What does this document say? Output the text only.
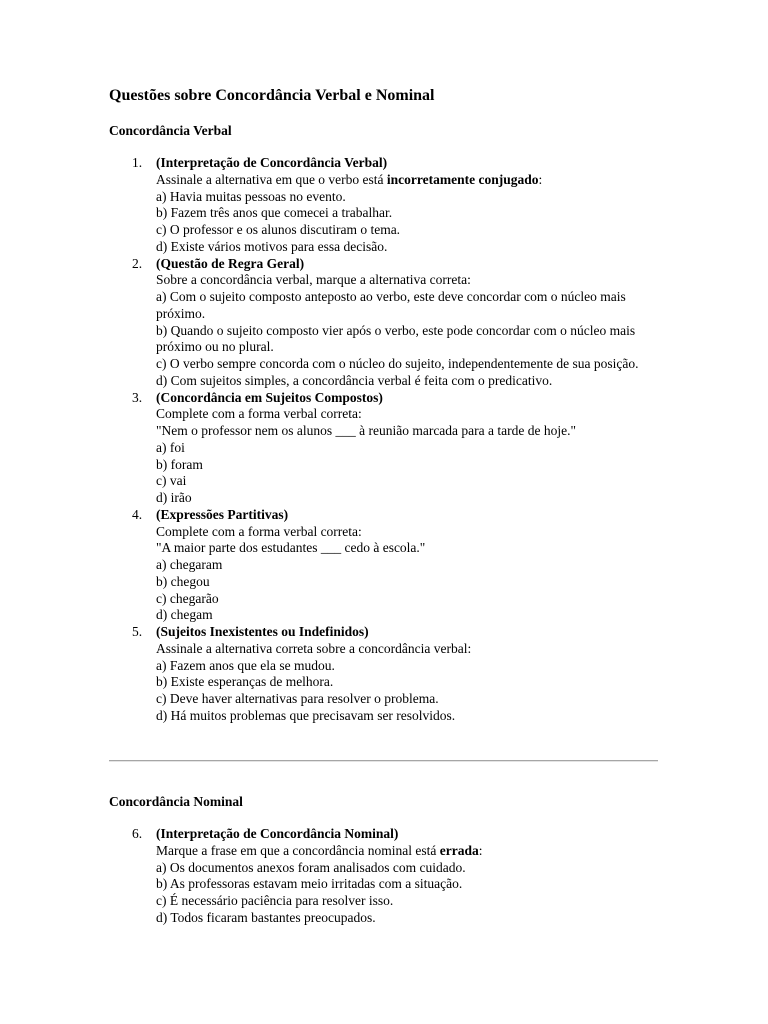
Questões sobre Concordância Verbal e Nominal
Concordância Verbal
1. (Interpretação de Concordância Verbal)
Assinale a alternativa em que o verbo está incorretamente conjugado:
a) Havia muitas pessoas no evento.
b) Fazem três anos que comecei a trabalhar.
c) O professor e os alunos discutiram o tema.
d) Existe vários motivos para essa decisão.
2. (Questão de Regra Geral)
Sobre a concordância verbal, marque a alternativa correta:
a) Com o sujeito composto anteposto ao verbo, este deve concordar com o núcleo mais próximo.
b) Quando o sujeito composto vier após o verbo, este pode concordar com o núcleo mais próximo ou no plural.
c) O verbo sempre concorda com o núcleo do sujeito, independentemente de sua posição.
d) Com sujeitos simples, a concordância verbal é feita com o predicativo.
3. (Concordância em Sujeitos Compostos)
Complete com a forma verbal correta:
"Nem o professor nem os alunos ___ à reunião marcada para a tarde de hoje."
a) foi
b) foram
c) vai
d) irão
4. (Expressões Partitivas)
Complete com a forma verbal correta:
"A maior parte dos estudantes ___ cedo à escola."
a) chegaram
b) chegou
c) chegarão
d) chegam
5. (Sujeitos Inexistentes ou Indefinidos)
Assinale a alternativa correta sobre a concordância verbal:
a) Fazem anos que ela se mudou.
b) Existe esperanças de melhora.
c) Deve haver alternativas para resolver o problema.
d) Há muitos problemas que precisavam ser resolvidos.
Concordância Nominal
6. (Interpretação de Concordância Nominal)
Marque a frase em que a concordância nominal está errada:
a) Os documentos anexos foram analisados com cuidado.
b) As professoras estavam meio irritadas com a situação.
c) É necessário paciência para resolver isso.
d) Todos ficaram bastantes preocupados.
